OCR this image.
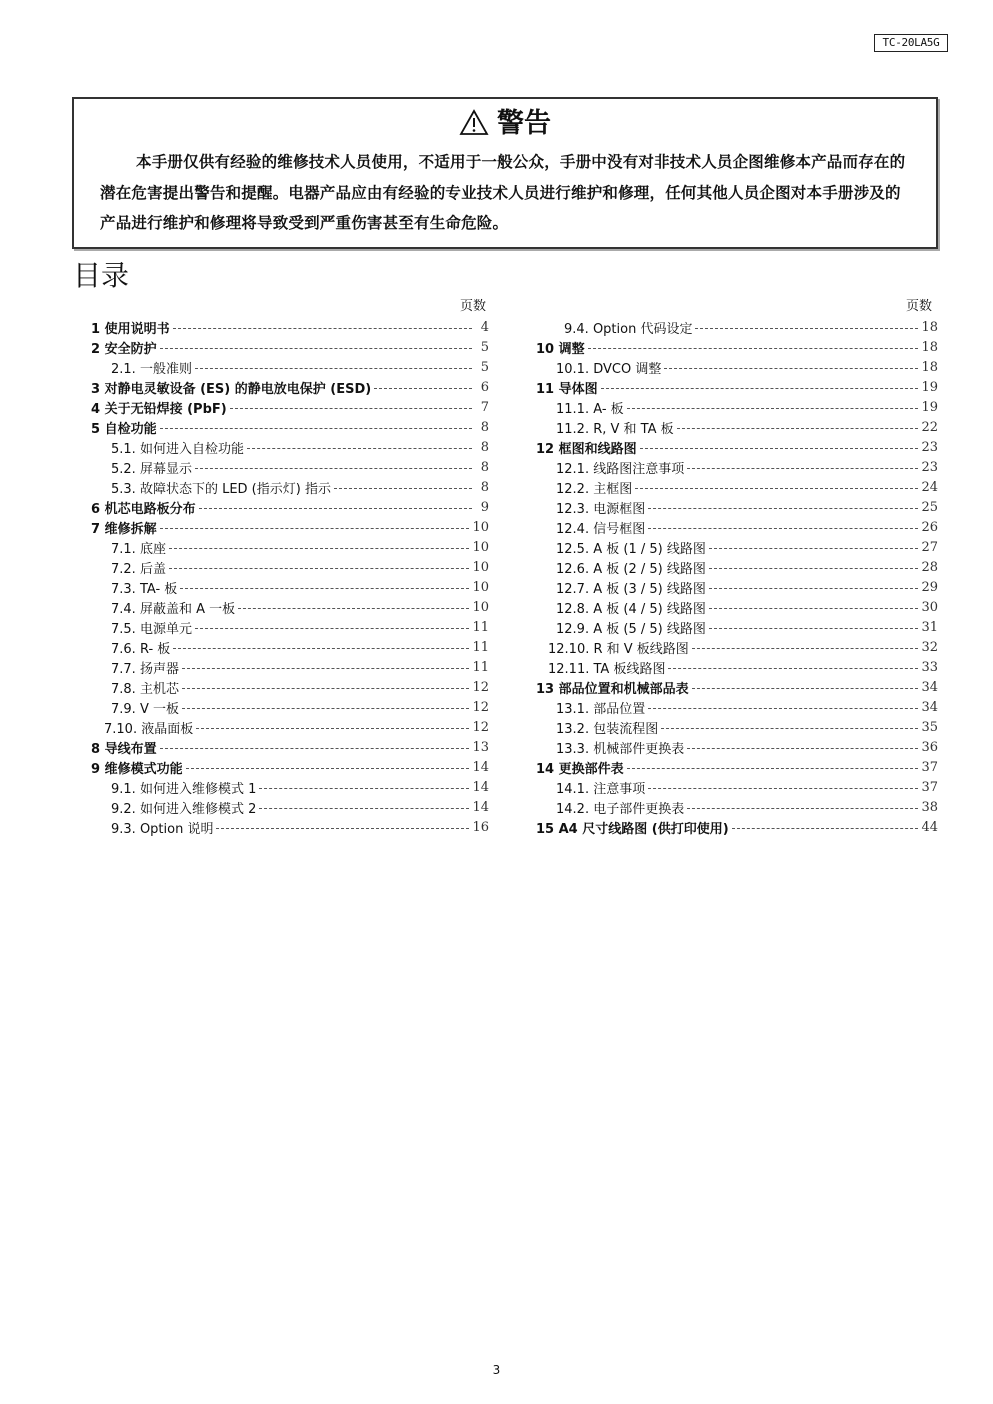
TC-20LA5G
警告

本手册仅供有经验的维修技术人员使用，不适用于一般公众，手册中没有对非技术人员企图维修本产品而存在的潜在危害提出警告和提醒。电器产品应由有经验的专业技术人员进行维护和修理，任何其他人员企图对本手册涉及的产品进行维护和修理将导致受到严重伤害甚至有生命危险。

目录
页数	页数
1 使用说明书	4
2 安全防护	5
2.1. 一般准则	5
3 对静电灵敏设备 (ES) 的静电放电保护 (ESD)	6
4 关于无铅焊接 (PbF)	7
5 自检功能	8
5.1. 如何进入自检功能	8
5.2. 屏幕显示	8
5.3. 故障状态下的 LED (指示灯) 指示	8
6 机芯电路板分布	9
7 维修拆解	10
7.1. 底座	10
7.2. 后盖	10
7.3. TA- 板	10
7.4. 屏蔽盖和 A 一板	10
7.5. 电源单元	11
7.6. R- 板	11
7.7. 扬声器	11
7.8. 主机芯	12
7.9. V 一板	12
7.10. 液晶面板	12
8 导线布置	13
9 维修模式功能	14
9.1. 如何进入维修模式 1	14
9.2. 如何进入维修模式 2	14
9.3. Option 说明	16
9.4. Option 代码设定	18
10 调整	18
10.1. DVCO 调整	18
11 导体图	19
11.1. A- 板	19
11.2. R, V 和 TA 板	22
12 框图和线路图	23
12.1. 线路图注意事项	23
12.2. 主框图	24
12.3. 电源框图	25
12.4. 信号框图	26
12.5. A 板 (1 / 5) 线路图	27
12.6. A 板 (2 / 5) 线路图	28
12.7. A 板 (3 / 5) 线路图	29
12.8. A 板 (4 / 5) 线路图	30
12.9. A 板 (5 / 5) 线路图	31
12.10. R 和 V 板线路图	32
12.11. TA 板线路图	33
13 部品位置和机械部品表	34
13.1. 部品位置	34
13.2. 包装流程图	35
13.3. 机械部件更换表	36
14 更换部件表	37
14.1. 注意事项	37
14.2. 电子部件更换表	38
15 A4 尺寸线路图 (供打印使用)	44
3
